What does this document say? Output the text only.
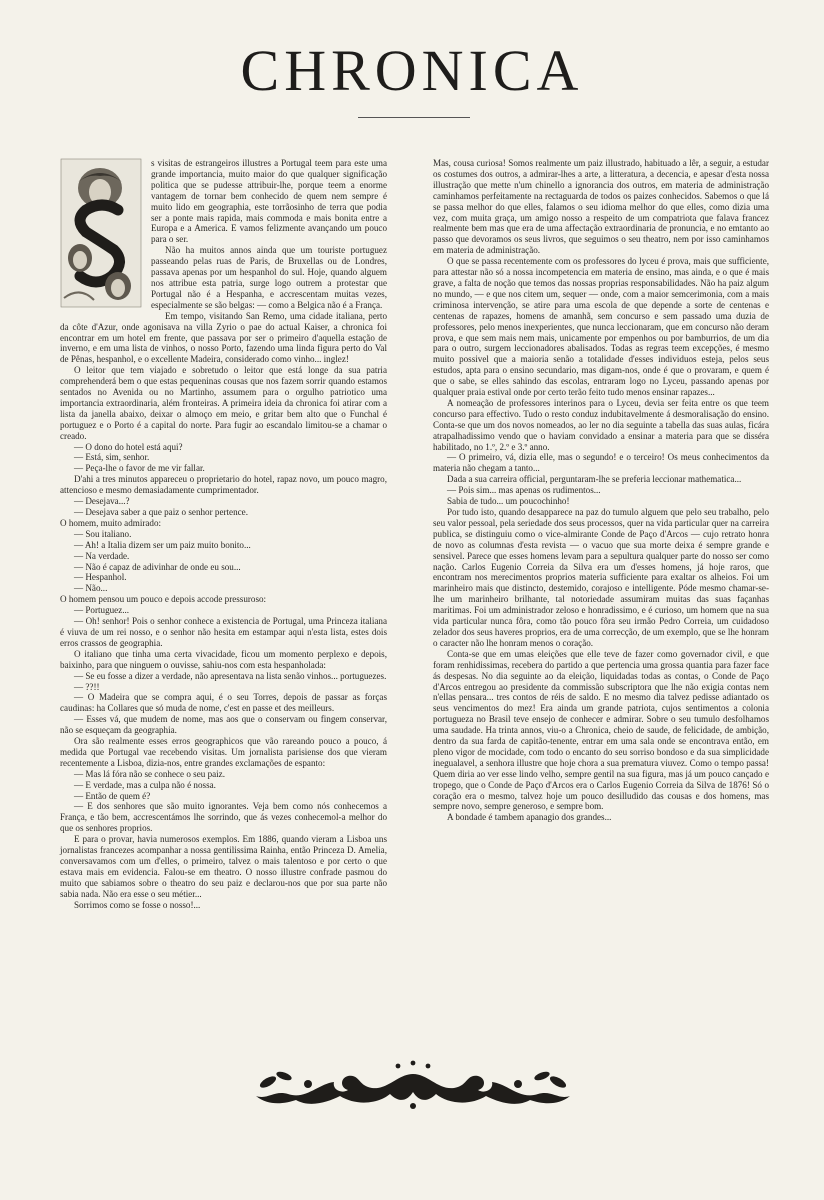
CHRONICA

s visitas de estrangeiros illustres a Portugal teem para este uma grande importancia, muito maior do que qualquer significação politica que se pudesse attribuir-lhe, porque teem a enorme vantagem de tornar bem conhecido de quem nem sempre é muito lido em geographia, este torrãosinho de terra que podia ser a ponte mais rapida, mais commoda e mais bonita entre a Europa e a America. E vamos felizmente avançando um pouco para o ser.

Não ha muitos annos ainda que um touriste portuguez passeando pelas ruas de Paris, de Bruxellas ou de Londres, passava apenas por um hespanhol do sul. Hoje, quando alguem nos attribue esta patria, surge logo outrem a protestar que Portugal não é a Hespanha, e accrescentam muitas vezes, especialmente se são belgas: — como a Belgica não é a França.

Em tempo, visitando San Remo, uma cidade italiana, perto da côte d'Azur, onde agonisava na villa Zyrio o pae do actual Kaiser, a chronica foi encontrar em um hotel em frente, que passava por ser o primeiro d'aquella estação de inverno, e em uma lista de vinhos, o nosso Porto, fazendo uma linda figura perto do Val de Pênas, hespanhol, e o excellente Madeira, considerado como vinho... inglez!

O leitor que tem viajado e sobretudo o leitor que está longe da sua patria comprehenderá bem o que estas pequeninas cousas que nos fazem sorrir quando estamos sentados no Avenida ou no Martinho, assumem para o orgulho patriotico uma importancia extraordinaria, além fronteiras. A primeira ideia da chronica foi atirar com a lista da janella abaixo, deixar o almoço em meio, e gritar bem alto que o Funchal é portuguez e o Porto é a capital do norte. Para fugir ao escandalo limitou-se a chamar o creado.

— O dono do hotel está aqui?

— Está, sim, senhor.

— Peça-lhe o favor de me vir fallar.

D'ahi a tres minutos appareceu o proprietario do hotel, rapaz novo, um pouco magro, attencioso e mesmo demasiadamente cumprimentador.

— Desejava...?

— Desejava saber a que paiz o senhor pertence.

O homem, muito admirado:

— Sou italiano.

— Ah! a Italia dizem ser um paiz muito bonito...

— Na verdade.

— Não é capaz de adivinhar de onde eu sou...

— Hespanhol.

— Não...

O homem pensou um pouco e depois accode pressuroso:

— Portuguez...

— Oh! senhor! Pois o senhor conhece a existencia de Portugal, uma Princeza italiana é viuva de um rei nosso, e o senhor não hesita em estampar aqui n'esta lista, estes dois erros crassos de geographia.

O italiano que tinha uma certa vivacidade, ficou um momento perplexo e depois, baixinho, para que ninguem o ouvisse, sahiu-nos com esta hespanholada:

— Se eu fosse a dizer a verdade, não apresentava na lista senão vinhos... portuguezes.

— ??!!

— O Madeira que se compra aqui, é o seu Torres, depois de passar as forças caudinas: ha Collares que só muda de nome, c'est en passe et des meilleurs.

— Esses vá, que mudem de nome, mas aos que o conservam ou fingem conservar, não se esqueçam da geographia.

Ora são realmente esses erros geographicos que vão rareando pouco a pouco, á medida que Portugal vae recebendo visitas. Um jornalista parisiense dos que vieram recentemente a Lisboa, dizia-nos, entre grandes exclamações de espanto:

— Mas lá fóra não se conhece o seu paiz.

— E verdade, mas a culpa não é nossa.

— Então de quem é?

— E dos senhores que são muito ignorantes. Veja bem como nós conhecemos a França, e tão bem, accrescentámos lhe sorrindo, que ás vezes conhecemol-a melhor do que os senhores proprios.

E para o provar, havia numerosos exemplos. Em 1886, quando vieram a Lisboa uns jornalistas francezes acompanhar a nossa gentilissima Rainha, então Princeza D. Amelia, conversavamos com um d'elles, o primeiro, talvez o mais talentoso e por certo o que estava mais em evidencia. Falou-se em theatro. O nosso illustre confrade pasmou do muito que sabiamos sobre o theatro do seu paiz e declarou-nos que por sua parte não sabia nada. Não era esse o seu métier...

Sorrimos como se fosse o nosso!...

Mas, cousa curiosa! Somos realmente um paiz illustrado, habituado a lêr, a seguir, a estudar os costumes dos outros, a admirar-lhes a arte, a litteratura, a decencia, e apesar d'esta nossa illustração que mette n'um chinello a ignorancia dos outros, em materia de administração caminhamos perfeitamente na rectaguarda de todos os paizes conhecidos. Sabemos o que lá se passa melhor do que elles, falamos o seu idioma melhor do que elles, como dizia uma vez, com muita graça, um amigo nosso a respeito de um compatriota que falava francez realmente bem mas que era de uma affectação extraordinaria de pronuncia, e no emtanto ao passo que devoramos os seus livros, que seguimos o seu theatro, nem por isso caminhamos em materia de administração.

O que se passa recentemente com os professores do lyceu é prova, mais que sufficiente, para attestar não só a nossa incompetencia em materia de ensino, mas ainda, e o que é mais grave, a falta de noção que temos das nossas proprias responsabilidades. Não ha paiz algum no mundo, — e que nos citem um, sequer — onde, com a maior semcerimonia, com a mais criminosa intervenção, se atire para uma escola de que depende a sorte de centenas e centenas de rapazes, homens de amanhã, sem concurso e sem passado uma duzia de professores, pelo menos inexperientes, que nunca leccionaram, que em concurso não deram prova, e que sem mais nem mais, unicamente por empenhos ou por bamburrios, de um dia para o outro, surgem leccionadores abalisados. Todas as regras teem excepções, é mesmo muito possivel que a maioria senão a totalidade d'esses individuos esteja, pelos seus estudos, apta para o ensino secundario, mas digam-nos, onde é que o provaram, e quem é que o sabe, se elles sahindo das escolas, entraram logo no Lyceu, passando apenas por qualquer praia estival onde por certo terão feito tudo menos ensinar rapazes...

A nomeação de professores interinos para o Lyceu, devia ser feita entre os que teem concurso para effectivo. Tudo o resto conduz indubitavelmente á desmoralisação do ensino. Conta-se que um dos novos nomeados, ao ler no dia seguinte a tabella das suas aulas, ficára atrapalhadissimo vendo que o haviam convidado a ensinar a materia para que se disséra habilitado, no 1.º, 2.º e 3.º anno.

— O primeiro, vá, dizia elle, mas o segundo! e o terceiro! Os meus conhecimentos da materia não chegam a tanto...

Dada a sua carreira official, perguntaram-lhe se preferia leccionar mathematica...

— Pois sim... mas apenas os rudimentos...

Sabia de tudo... um poucochinho!

Por tudo isto, quando desapparece na paz do tumulo alguem que pelo seu trabalho, pelo seu valor pessoal, pela seriedade dos seus processos, quer na vida particular quer na carreira publica, se distinguiu como o vice-almirante Conde de Paço d'Arcos — cujo retrato honra de novo as columnas d'esta revista — o vacuo que sua morte deixa é sempre grande e sensivel. Parece que esses homens levam para a sepultura qualquer parte do nosso ser como nação. Carlos Eugenio Correia da Silva era um d'esses homens, já hoje raros, que encontram nos merecimentos proprios materia sufficiente para exaltar os alheios. Foi um marinheiro mais que distincto, destemido, corajoso e intelligente. Póde mesmo chamar-se-lhe um marinheiro brilhante, tal notoriedade assumiram muitas das suas façanhas maritimas. Foi um administrador zeloso e honradissimo, e é curioso, um homem que na sua vida particular nunca fôra, como tão pouco fôra seu irmão Pedro Correia, um cuidadoso zelador dos seus haveres proprios, era de uma correcção, de um exemplo, que se lhe honram o caracter não lhe honram menos o coração.

Conta-se que em umas eleições que elle teve de fazer como governador civil, e que foram renhidissimas, recebera do partido a que pertencia uma grossa quantia para fazer face ás despesas. No dia seguinte ao da eleição, liquidadas todas as contas, o Conde de Paço d'Arcos entregou ao presidente da commissão subscriptora que lhe não exigia contas nem n'ellas pensara... tres contos de réis de saldo. E no mesmo dia talvez pedisse adiantado os seus vencimentos do mez! Era ainda um grande patriota, cujos sentimentos a colonia portugueza no Brasil teve ensejo de conhecer e admirar. Sobre o seu tumulo desfolhamos uma saudade. Ha trinta annos, viu-o a Chronica, cheio de saude, de felicidade, de ambição, dentro da sua farda de capitão-tenente, entrar em uma sala onde se encontrava então, em pleno vigor de mocidade, com todo o encanto do seu sorriso bondoso e da sua simplicidade inegualavel, a senhora illustre que hoje chora a sua prematura viuvez. Como o tempo passa! Quem diria ao ver esse lindo velho, sempre gentil na sua figura, mas já um pouco cançado e tropego, que o Conde de Paço d'Arcos era o Carlos Eugenio Correia da Silva de 1876! Só o coração era o mesmo, talvez hoje um pouco desilludido das cousas e dos homens, mas sempre novo, sempre generoso, e sempre bom.

A bondade é tambem apanagio dos grandes...
